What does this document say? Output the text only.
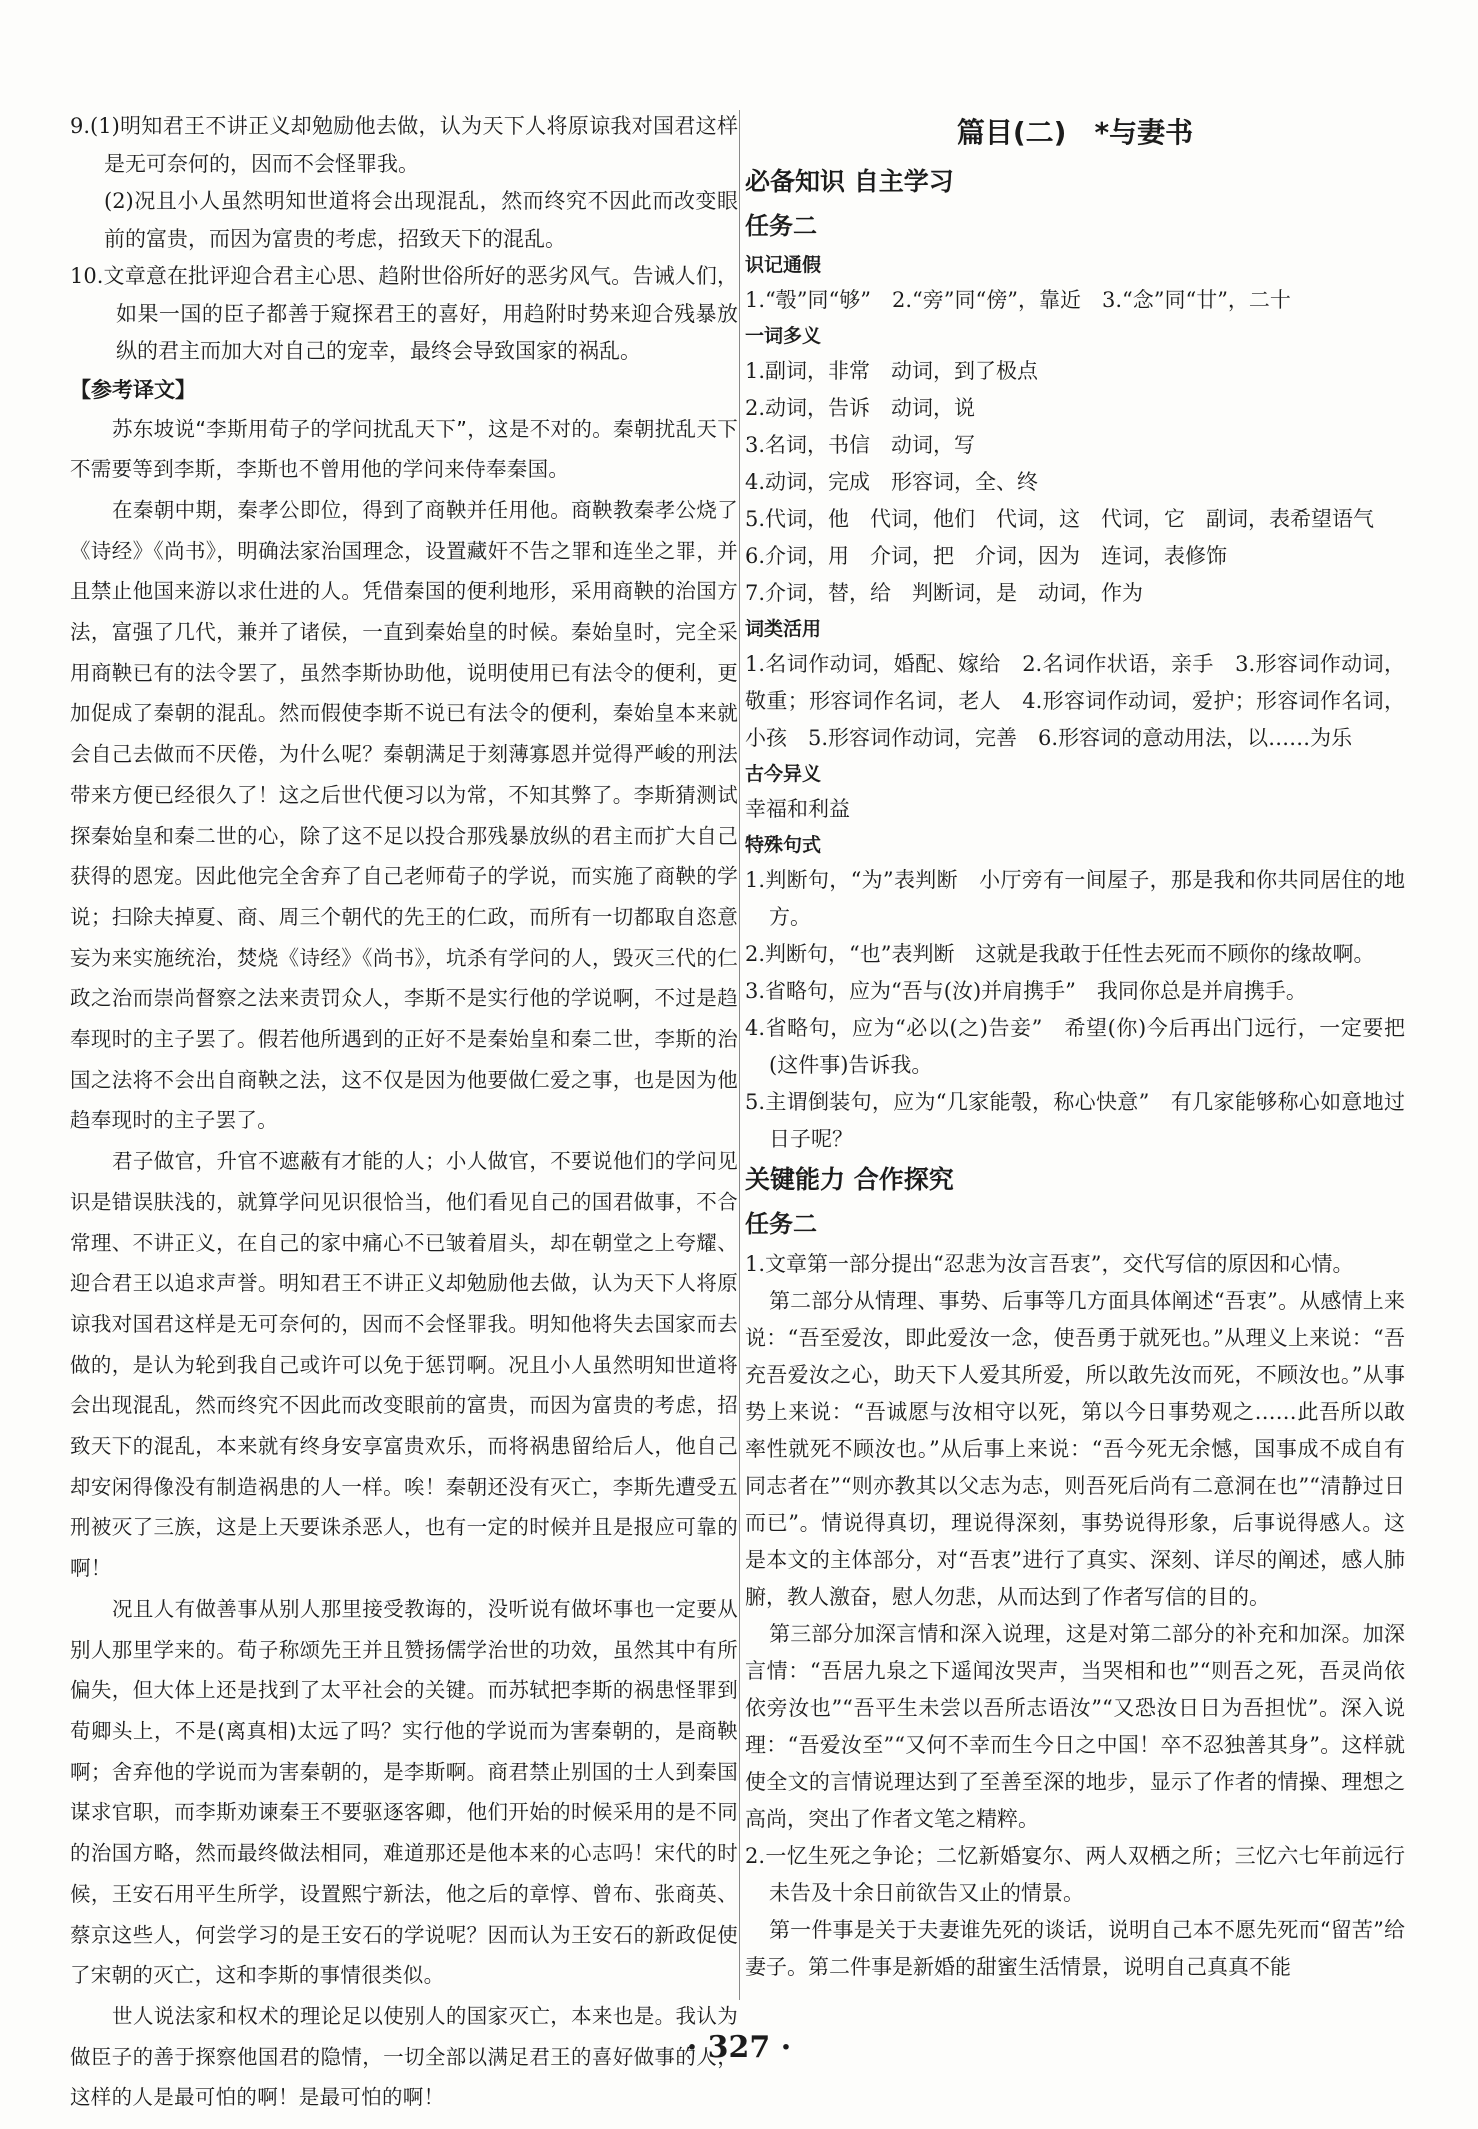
9.(1)明知君王不讲正义却勉励他去做，认为天下人将原谅我对国君这样是无可奈何的，因而不会怪罪我。

(2)况且小人虽然明知世道将会出现混乱，然而终究不因此而改变眼前的富贵，而因为富贵的考虑，招致天下的混乱。

10.文章意在批评迎合君主心思、趋附世俗所好的恶劣风气。告诫人们，如果一国的臣子都善于窥探君王的喜好，用趋附时势来迎合残暴放纵的君主而加大对自己的宠幸，最终会导致国家的祸乱。

【参考译文】

苏东坡说“李斯用荀子的学问扰乱天下”，这是不对的。秦朝扰乱天下不需要等到李斯，李斯也不曾用他的学问来侍奉秦国。

在秦朝中期，秦孝公即位，得到了商鞅并任用他。商鞅教秦孝公烧了《诗经》《尚书》，明确法家治国理念，设置藏奸不告之罪和连坐之罪，并且禁止他国来游以求仕进的人。凭借秦国的便利地形，采用商鞅的治国方法，富强了几代，兼并了诸侯，一直到秦始皇的时候。秦始皇时，完全采用商鞅已有的法令罢了，虽然李斯协助他，说明使用已有法令的便利，更加促成了秦朝的混乱。然而假使李斯不说已有法令的便利，秦始皇本来就会自己去做而不厌倦，为什么呢？秦朝满足于刻薄寡恩并觉得严峻的刑法带来方便已经很久了！这之后世代便习以为常，不知其弊了。李斯猜测试探秦始皇和秦二世的心，除了这不足以投合那残暴放纵的君主而扩大自己获得的恩宠。因此他完全舍弃了自己老师荀子的学说，而实施了商鞅的学说；扫除夫掉夏、商、周三个朝代的先王的仁政，而所有一切都取自恣意妄为来实施统治，焚烧《诗经》《尚书》，坑杀有学问的人，毁灭三代的仁政之治而崇尚督察之法来责罚众人，李斯不是实行他的学说啊，不过是趋奉现时的主子罢了。假若他所遇到的正好不是秦始皇和秦二世，李斯的治国之法将不会出自商鞅之法，这不仅是因为他要做仁爱之事，也是因为他趋奉现时的主子罢了。

君子做官，升官不遮蔽有才能的人；小人做官，不要说他们的学问见识是错误肤浅的，就算学问见识很恰当，他们看见自己的国君做事，不合常理、不讲正义，在自己的家中痛心不已皱着眉头，却在朝堂之上夸耀、迎合君王以追求声誉。明知君王不讲正义却勉励他去做，认为天下人将原谅我对国君这样是无可奈何的，因而不会怪罪我。明知他将失去国家而去做的，是认为轮到我自己或许可以免于惩罚啊。况且小人虽然明知世道将会出现混乱，然而终究不因此而改变眼前的富贵，而因为富贵的考虑，招致天下的混乱，本来就有终身安享富贵欢乐，而将祸患留给后人，他自己却安闲得像没有制造祸患的人一样。唉！秦朝还没有灭亡，李斯先遭受五刑被灭了三族，这是上天要诛杀恶人，也有一定的时候并且是报应可靠的啊！

况且人有做善事从别人那里接受教诲的，没听说有做坏事也一定要从别人那里学来的。荀子称颂先王并且赞扬儒学治世的功效，虽然其中有所偏失，但大体上还是找到了太平社会的关键。而苏轼把李斯的祸患怪罪到荀卿头上，不是(离真相)太远了吗？实行他的学说而为害秦朝的，是商鞅啊；舍弃他的学说而为害秦朝的，是李斯啊。商君禁止别国的士人到秦国谋求官职，而李斯劝谏秦王不要驱逐客卿，他们开始的时候采用的是不同的治国方略，然而最终做法相同，难道那还是他本来的心志吗！宋代的时候，王安石用平生所学，设置熙宁新法，他之后的章惇、曾布、张商英、蔡京这些人，何尝学习的是王安石的学说呢？因而认为王安石的新政促使了宋朝的灭亡，这和李斯的事情很类似。

世人说法家和权术的理论足以使别人的国家灭亡，本来也是。我认为做臣子的善于探察他国君的隐情，一切全部以满足君王的喜好做事的人，这样的人是最可怕的啊！是最可怕的啊！

篇目(二)　*与妻书

必备知识 自主学习

任务二

识记通假

1.“彀”同“够”　2.“旁”同“傍”，靠近　3.“念”同“廿”，二十

一词多义

1.副词，非常　动词，到了极点

2.动词，告诉　动词，说

3.名词，书信　动词，写

4.动词，完成　形容词，全、终

5.代词，他　代词，他们　代词，这　代词，它　副词，表希望语气

6.介词，用　介词，把　介词，因为　连词，表修饰

7.介词，替，给　判断词，是　动词，作为

词类活用

1.名词作动词，婚配、嫁给　2.名词作状语，亲手　3.形容词作动词，敬重；形容词作名词，老人　4.形容词作动词，爱护；形容词作名词，小孩　5.形容词作动词，完善　6.形容词的意动用法，以……为乐

古今异义

幸福和利益

特殊句式

1.判断句，“为”表判断　小厅旁有一间屋子，那是我和你共同居住的地方。

2.判断句，“也”表判断　这就是我敢于任性去死而不顾你的缘故啊。

3.省略句，应为“吾与(汝)并肩携手”　我同你总是并肩携手。

4.省略句，应为“必以(之)告妾”　希望(你)今后再出门远行，一定要把(这件事)告诉我。

5.主谓倒装句，应为“几家能彀，称心快意”　有几家能够称心如意地过日子呢？

关键能力 合作探究

任务二

1.文章第一部分提出“忍悲为汝言吾衷”，交代写信的原因和心情。

第二部分从情理、事势、后事等几方面具体阐述“吾衷”。从感情上来说：“吾至爱汝，即此爱汝一念，使吾勇于就死也。”从理义上来说：“吾充吾爱汝之心，助天下人爱其所爱，所以敢先汝而死，不顾汝也。”从事势上来说：“吾诚愿与汝相守以死，第以今日事势观之……此吾所以敢率性就死不顾汝也。”从后事上来说：“吾今死无余憾，国事成不成自有同志者在”“则亦教其以父志为志，则吾死后尚有二意洞在也”“清静过日而已”。情说得真切，理说得深刻，事势说得形象，后事说得感人。这是本文的主体部分，对“吾衷”进行了真实、深刻、详尽的阐述，感人肺腑，教人激奋，慰人勿悲，从而达到了作者写信的目的。

第三部分加深言情和深入说理，这是对第二部分的补充和加深。加深言情：“吾居九泉之下遥闻汝哭声，当哭相和也”“则吾之死，吾灵尚依依旁汝也”“吾平生未尝以吾所志语汝”“又恐汝日日为吾担忧”。深入说理：“吾爱汝至”“又何不幸而生今日之中国！卒不忍独善其身”。这样就使全文的言情说理达到了至善至深的地步，显示了作者的情操、理想之高尚，突出了作者文笔之精粹。

2.一忆生死之争论；二忆新婚宴尔、两人双栖之所；三忆六七年前远行未告及十余日前欲告又止的情景。

第一件事是关于夫妻谁先死的谈话，说明自己本不愿先死而“留苦”给妻子。第二件事是新婚的甜蜜生活情景，说明自己真真不能

· 327 ·
